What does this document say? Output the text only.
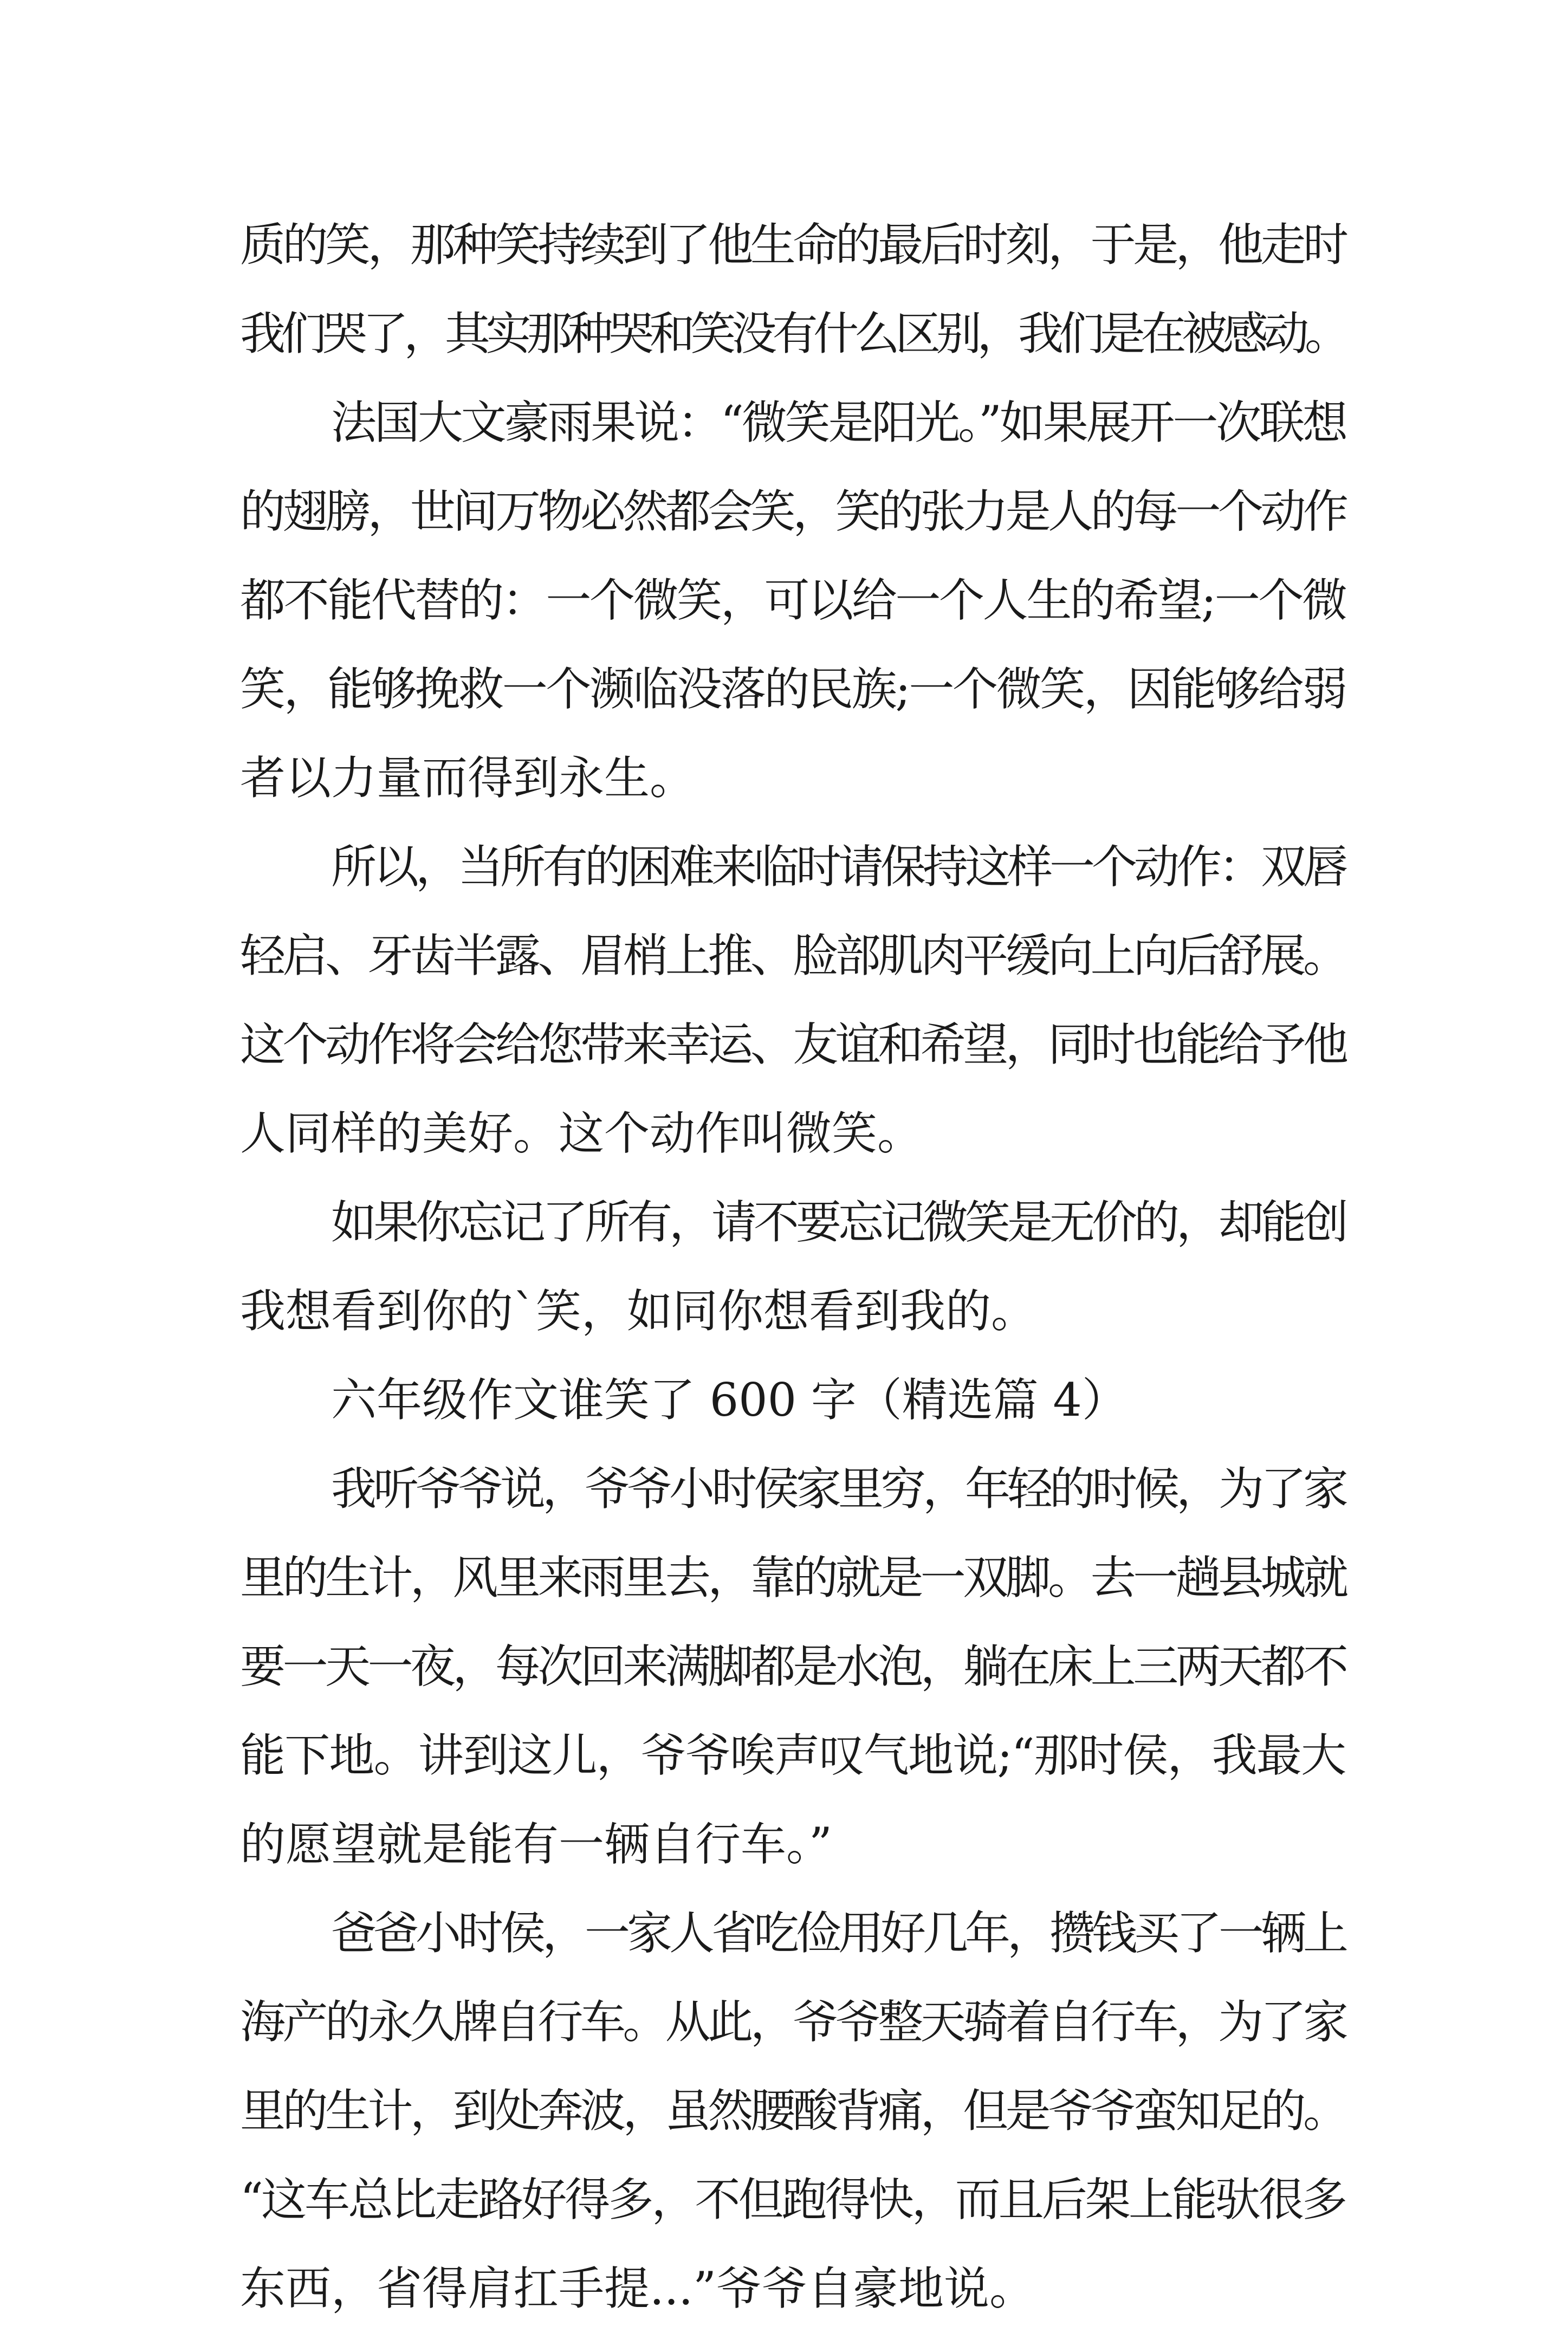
质的笑，那种笑持续到了他生命的最后时刻，于是，他走时
我们哭了，其实那种哭和笑没有什么区别，我们是在被感动。
法国大文豪雨果说：“微笑是阳光。”如果展开一次联想
的翅膀，世间万物必然都会笑，笑的张力是人的每一个动作
都不能代替的：一个微笑，可以给一个人生的希望;一个微
笑，能够挽救一个濒临没落的民族;一个微笑，因能够给弱
者以力量而得到永生。
所以，当所有的困难来临时请保持这样一个动作：双唇
轻启、牙齿半露、眉梢上推、脸部肌肉平缓向上向后舒展。
这个动作将会给您带来幸运、友谊和希望，同时也能给予他
人同样的美好。这个动作叫微笑。
如果你忘记了所有，请不要忘记微笑是无价的，却能创
我想看到你的`笑，如同你想看到我的。
六年级作文谁笑了 600 字（精选篇 4）
我听爷爷说，爷爷小时侯家里穷，年轻的时候，为了家
里的生计，风里来雨里去，靠的就是一双脚。去一趟县城就
要一天一夜，每次回来满脚都是水泡，躺在床上三两天都不
能下地。讲到这儿，爷爷唉声叹气地说;“那时侯，我最大
的愿望就是能有一辆自行车。”
爸爸小时侯，一家人省吃俭用好几年，攒钱买了一辆上
海产的永久牌自行车。从此，爷爷整天骑着自行车，为了家
里的生计，到处奔波，虽然腰酸背痛，但是爷爷蛮知足的。
“这车总比走路好得多，不但跑得快，而且后架上能驮很多
东西，省得肩扛手提...”爷爷自豪地说。
